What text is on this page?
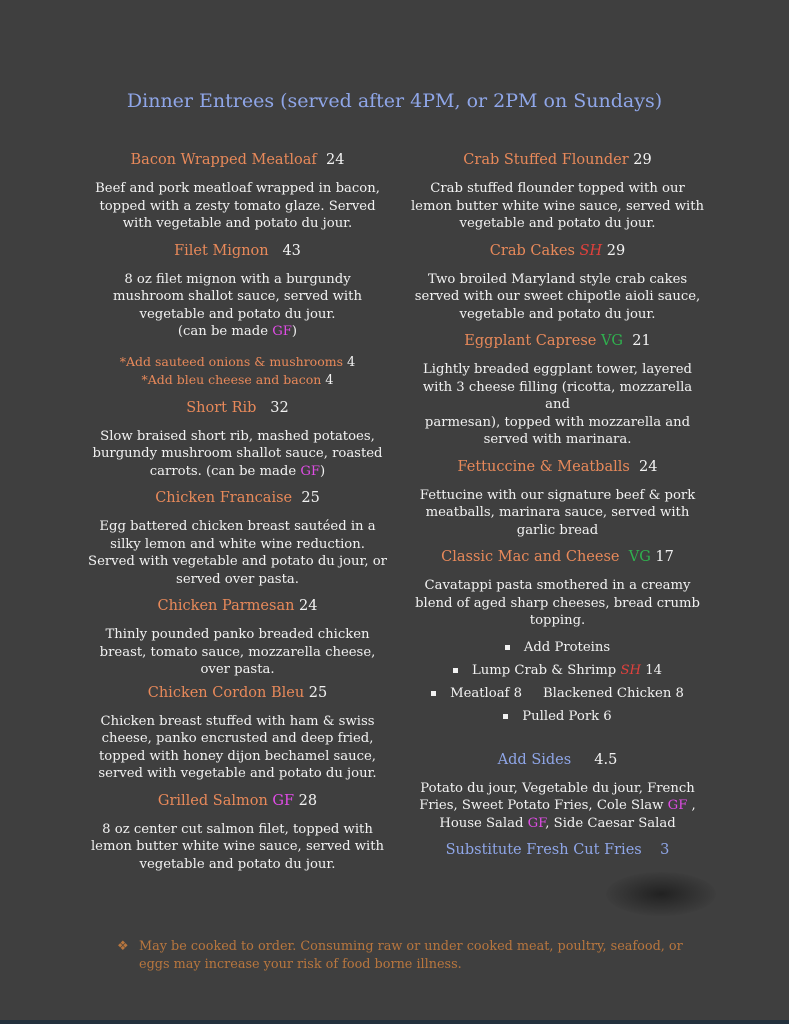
Dinner Entrees (served after 4PM, or 2PM on Sundays)
Bacon Wrapped Meatloaf 24
Beef and pork meatloaf wrapped in bacon,
topped with a zesty tomato glaze. Served
with vegetable and potato du jour.
Filet Mignon 43
8 oz filet mignon with a burgundy
mushroom shallot sauce, served with
vegetable and potato du jour.
(can be made GF)
*Add sauteed onions & mushrooms 4
*Add bleu cheese and bacon 4
Short Rib 32
Slow braised short rib, mashed potatoes,
burgundy mushroom shallot sauce, roasted
carrots. (can be made GF)
Chicken Francaise 25
Egg battered chicken breast sautéed in a
silky lemon and white wine reduction.
Served with vegetable and potato du jour, or
served over pasta.
Chicken Parmesan 24
Thinly pounded panko breaded chicken
breast, tomato sauce, mozzarella cheese,
over pasta.
Chicken Cordon Bleu 25
Chicken breast stuffed with ham & swiss
cheese, panko encrusted and deep fried,
topped with honey dijon bechamel sauce,
served with vegetable and potato du jour.
Grilled Salmon GF 28
8 oz center cut salmon filet, topped with
lemon butter white wine sauce, served with
vegetable and potato du jour.
Crab Stuffed Flounder 29
Crab stuffed flounder topped with our
lemon butter white wine sauce, served with
vegetable and potato du jour.
Crab Cakes SH 29
Two broiled Maryland style crab cakes
served with our sweet chipotle aioli sauce,
vegetable and potato du jour.
Eggplant Caprese VG 21
Lightly breaded eggplant tower, layered
with 3 cheese filling (ricotta, mozzarella and
parmesan), topped with mozzarella and
served with marinara.
Fettuccine & Meatballs 24
Fettucine with our signature beef & pork
meatballs, marinara sauce, served with
garlic bread
Classic Mac and Cheese VG 17
Cavatappi pasta smothered in a creamy
blend of aged sharp cheeses, bread crumb
topping.
Add Proteins
Lump Crab & Shrimp SH 14
Meatloaf 8 Blackened Chicken 8
Pulled Pork 6
Add Sides 4.5
Potato du jour, Vegetable du jour, French
Fries, Sweet Potato Fries, Cole Slaw GF ,
House Salad GF, Side Caesar Salad
Substitute Fresh Cut Fries 3
❖ May be cooked to order. Consuming raw or under cooked meat, poultry, seafood, or
eggs may increase your risk of food borne illness.
